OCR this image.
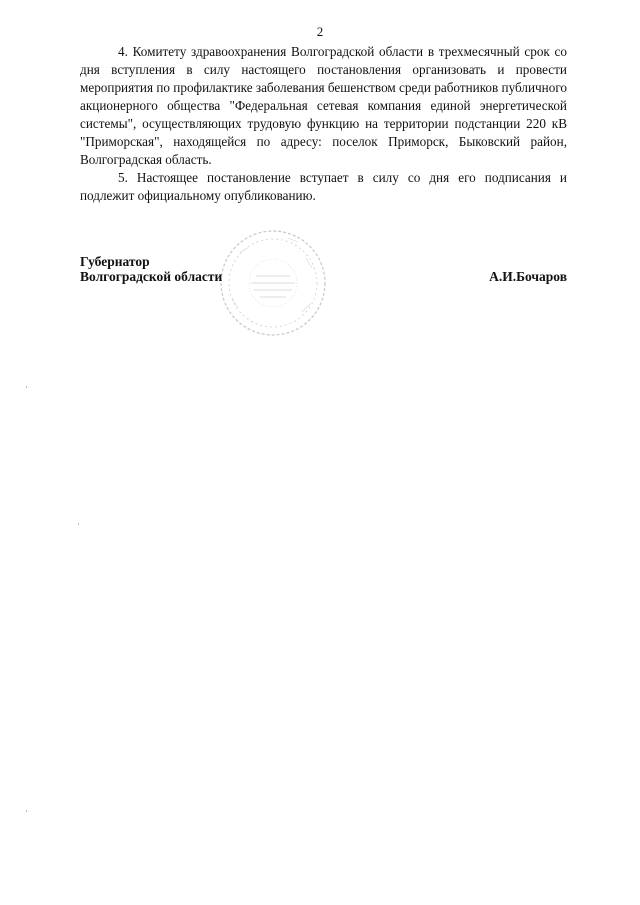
2

4. Комитету здравоохранения Волгоградской области в трехмесячный срок со дня вступления в силу настоящего постановления организовать и провести мероприятия по профилактике заболевания бешенством среди работников публичного акционерного общества "Федеральная сетевая компания единой энергетической системы", осуществляющих трудовую функцию на территории подстанции 220 кВ "Приморская", находящейся по адресу: поселок Приморск, Быковский район, Волгоградская область.

5. Настоящее постановление вступает в силу со дня его подписания и подлежит официальному опубликованию.

Губернатор
Волгоградской области	А.И.Бочаров
